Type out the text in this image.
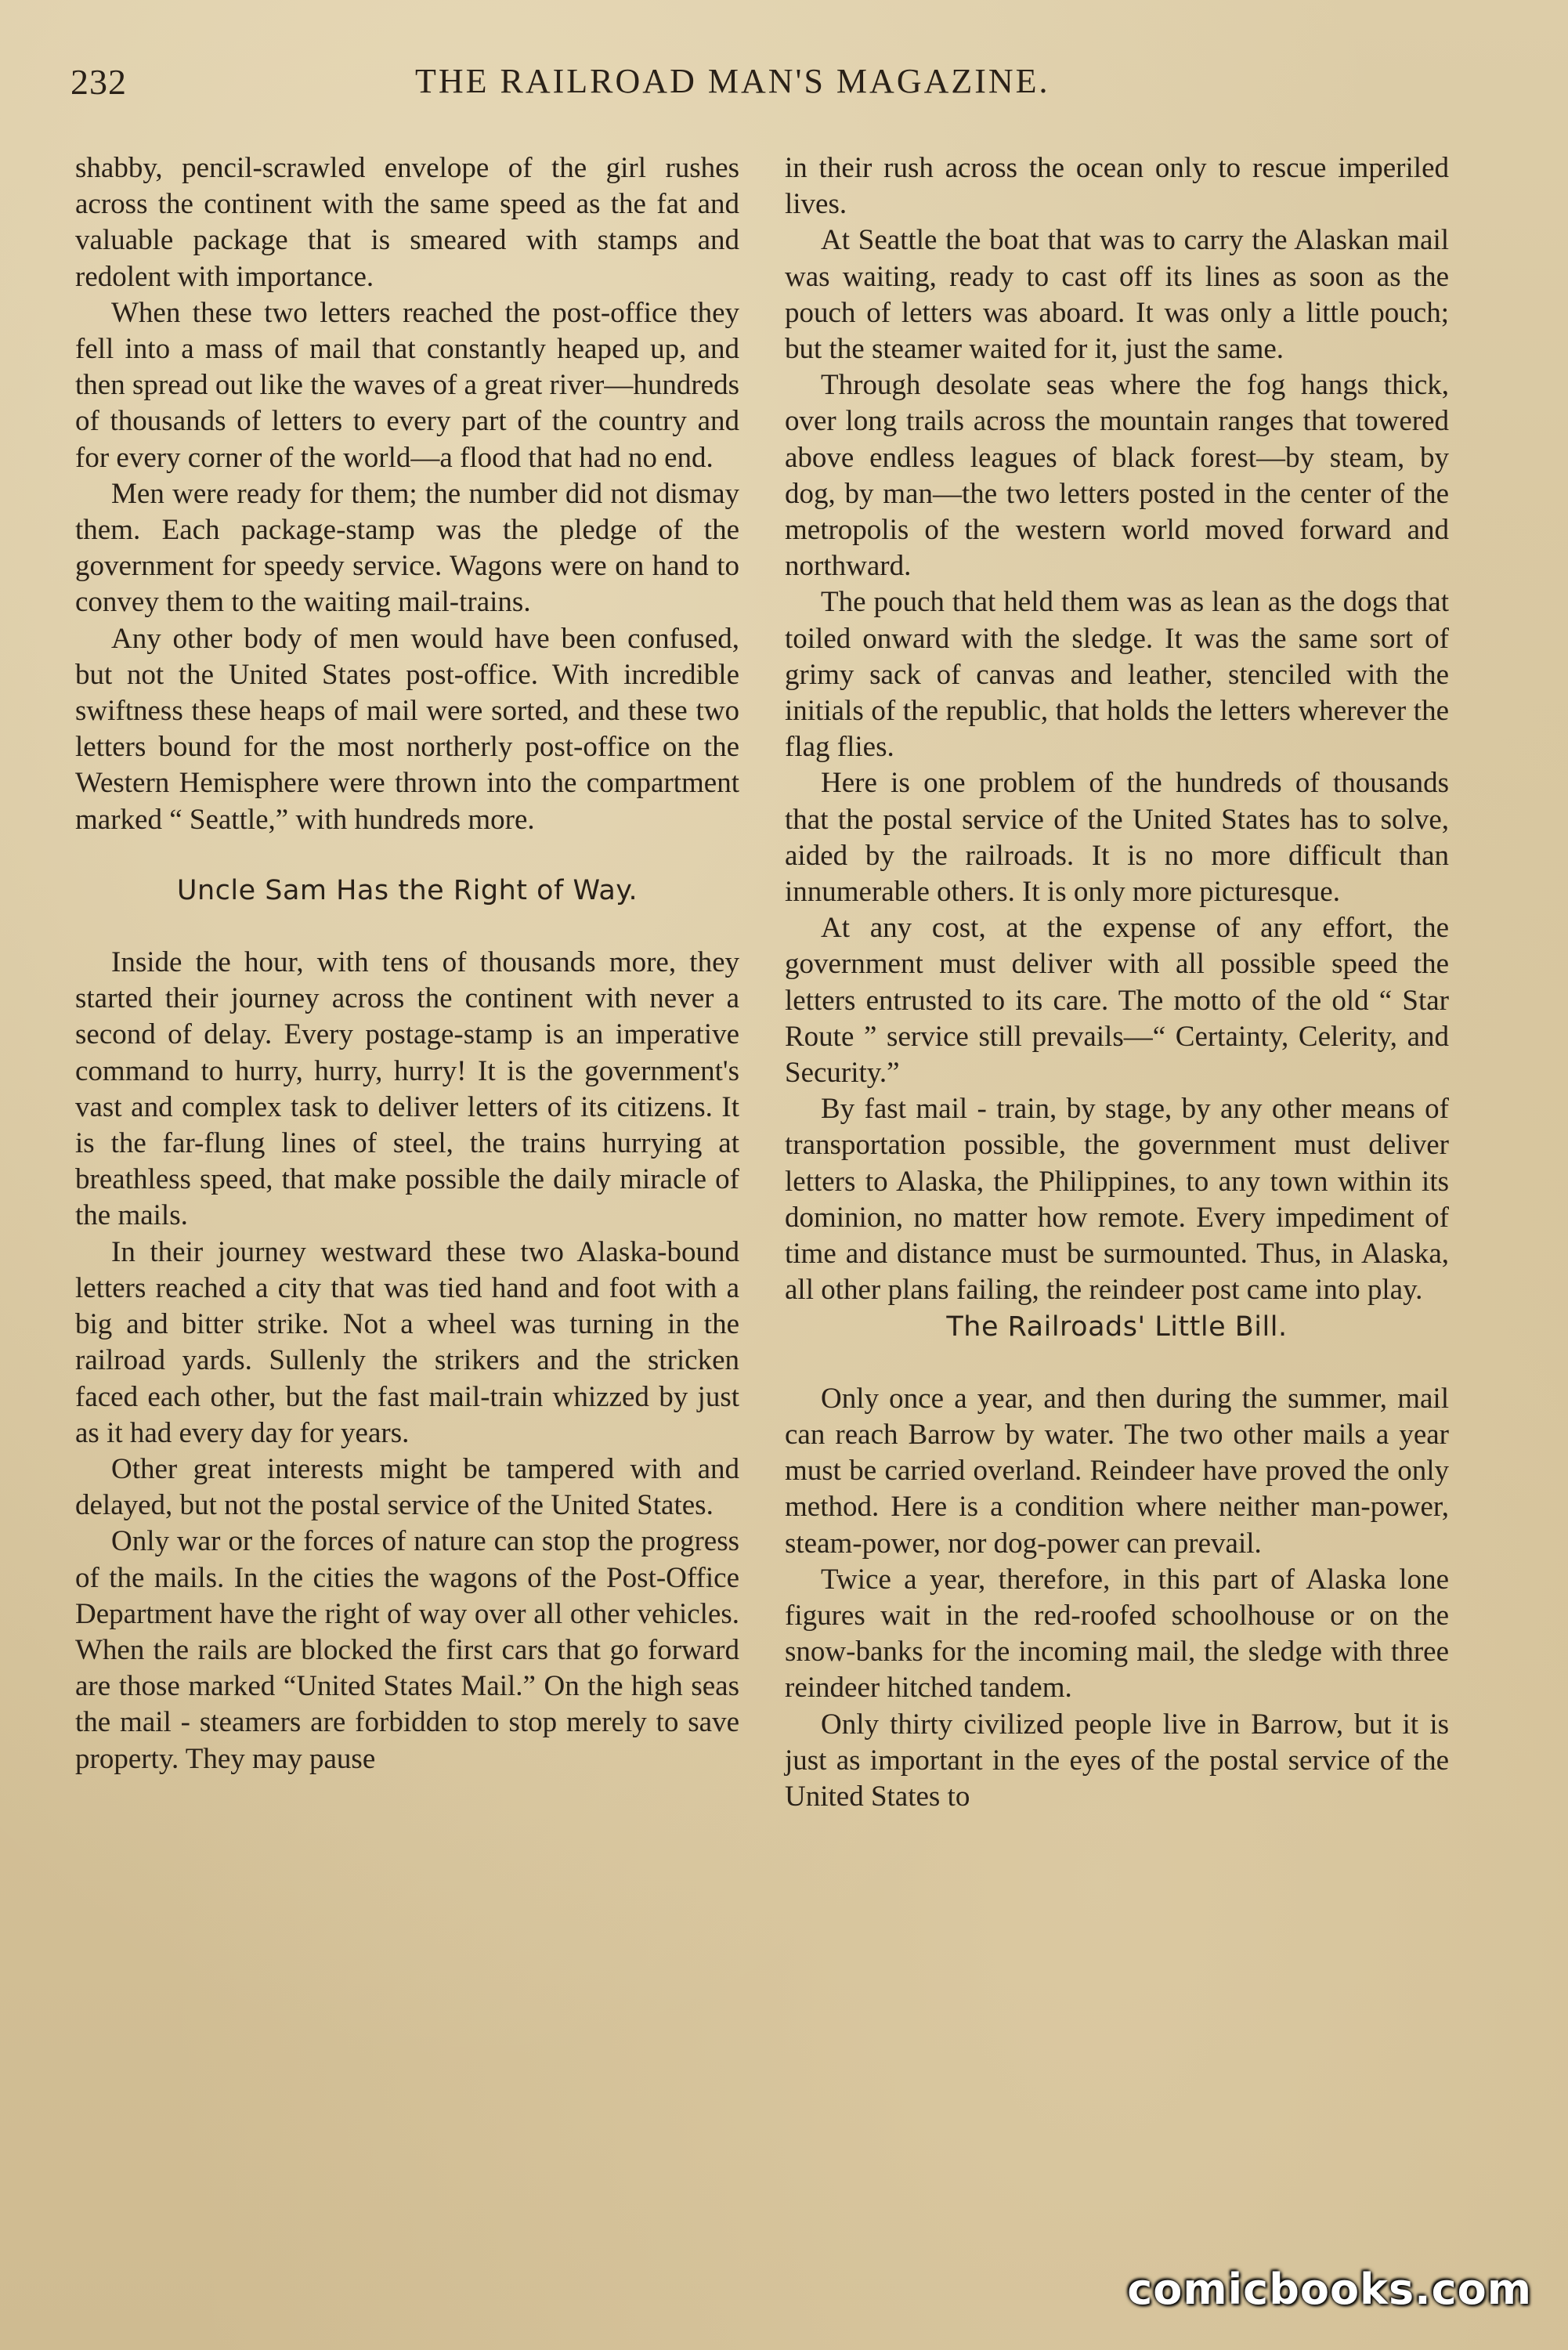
232	THE RAILROAD MAN'S MAGAZINE.

shabby, pencil-scrawled envelope of the girl rushes across the continent with the same speed as the fat and valuable package that is smeared with stamps and redolent with importance.

When these two letters reached the post-office they fell into a mass of mail that constantly heaped up, and then spread out like the waves of a great river—hundreds of thousands of letters to every part of the country and for every corner of the world—a flood that had no end.

Men were ready for them; the number did not dismay them. Each package-stamp was the pledge of the government for speedy service. Wagons were on hand to convey them to the waiting mail-trains.

Any other body of men would have been confused, but not the United States post-office. With incredible swiftness these heaps of mail were sorted, and these two letters bound for the most northerly post-office on the Western Hemisphere were thrown into the compartment marked “ Seattle,” with hundreds more.

Uncle Sam Has the Right of Way.

Inside the hour, with tens of thousands more, they started their journey across the continent with never a second of delay. Every postage-stamp is an imperative command to hurry, hurry, hurry! It is the government's vast and complex task to deliver letters of its citizens. It is the far-flung lines of steel, the trains hurrying at breathless speed, that make possible the daily miracle of the mails.

In their journey westward these two Alaska-bound letters reached a city that was tied hand and foot with a big and bitter strike. Not a wheel was turning in the railroad yards. Sullenly the strikers and the stricken faced each other, but the fast mail-train whizzed by just as it had every day for years.

Other great interests might be tampered with and delayed, but not the postal service of the United States.

Only war or the forces of nature can stop the progress of the mails. In the cities the wagons of the Post-Office Department have the right of way over all other vehicles. When the rails are blocked the first cars that go forward are those marked “United States Mail.” On the high seas the mail - steamers are forbidden to stop merely to save property. They may pause

in their rush across the ocean only to rescue imperiled lives.

At Seattle the boat that was to carry the Alaskan mail was waiting, ready to cast off its lines as soon as the pouch of letters was aboard. It was only a little pouch; but the steamer waited for it, just the same.

Through desolate seas where the fog hangs thick, over long trails across the mountain ranges that towered above endless leagues of black forest—by steam, by dog, by man—the two letters posted in the center of the metropolis of the western world moved forward and northward.

The pouch that held them was as lean as the dogs that toiled onward with the sledge. It was the same sort of grimy sack of canvas and leather, stenciled with the initials of the republic, that holds the letters wherever the flag flies.

Here is one problem of the hundreds of thousands that the postal service of the United States has to solve, aided by the railroads. It is no more difficult than innumerable others. It is only more picturesque.

At any cost, at the expense of any effort, the government must deliver with all possible speed the letters entrusted to its care. The motto of the old “ Star Route ” service still prevails—“ Certainty, Celerity, and Security.”

By fast mail - train, by stage, by any other means of transportation possible, the government must deliver letters to Alaska, the Philippines, to any town within its dominion, no matter how remote. Every impediment of time and distance must be surmounted. Thus, in Alaska, all other plans failing, the reindeer post came into play.

The Railroads' Little Bill.

Only once a year, and then during the summer, mail can reach Barrow by water. The two other mails a year must be carried overland. Reindeer have proved the only method. Here is a condition where neither man-power, steam-power, nor dog-power can prevail.

Twice a year, therefore, in this part of Alaska lone figures wait in the red-roofed schoolhouse or on the snow-banks for the incoming mail, the sledge with three reindeer hitched tandem.

Only thirty civilized people live in Barrow, but it is just as important in the eyes of the postal service of the United States to

comicbooks.com
